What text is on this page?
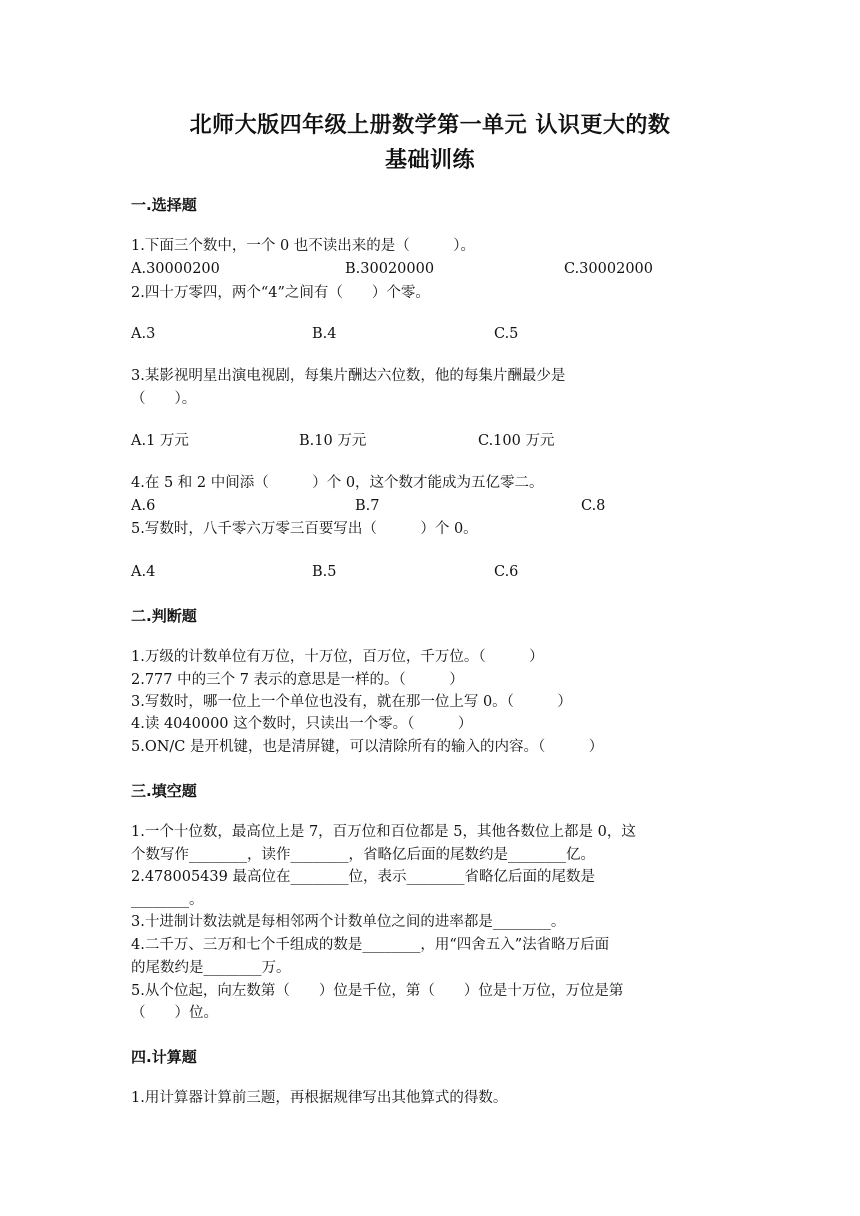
北师大版四年级上册数学第一单元 认识更大的数
基础训练
一.选择题
1.下面三个数中，一个 0 也不读出来的是（　　　）。
A.30000200	B.30020000	C.30002000
2.四十万零四，两个“4”之间有（　　）个零。
A.3	B.4	C.5
3.某影视明星出演电视剧，每集片酬达六位数，他的每集片酬最少是
（　　）。
A.1 万元	B.10 万元	C.100 万元
4.在 5 和 2 中间添（　　　）个 0，这个数才能成为五亿零二。
A.6	B.7	C.8
5.写数时，八千零六万零三百要写出（　　　）个 0。
A.4	B.5	C.6
二.判断题
1.万级的计数单位有万位，十万位，百万位，千万位。（　　　）
2.777 中的三个 7 表示的意思是一样的。（　　　）
3.写数时，哪一位上一个单位也没有，就在那一位上写 0。（　　　）
4.读 4040000 这个数时，只读出一个零。（　　　）
5.ON/C 是开机键，也是清屏键，可以清除所有的输入的内容。（　　　）
三.填空题
1.一个十位数，最高位上是 7，百万位和百位都是 5，其他各数位上都是 0，这
个数写作________，读作________，省略亿后面的尾数约是________亿。
2.478005439 最高位在________位，表示________省略亿后面的尾数是
________。
3.十进制计数法就是每相邻两个计数单位之间的进率都是________。
4.二千万、三万和七个千组成的数是________，用“四舍五入”法省略万后面
的尾数约是________万。
5.从个位起，向左数第（　　）位是千位，第（　　）位是十万位，万位是第
（　　）位。
四.计算题
1.用计算器计算前三题，再根据规律写出其他算式的得数。
